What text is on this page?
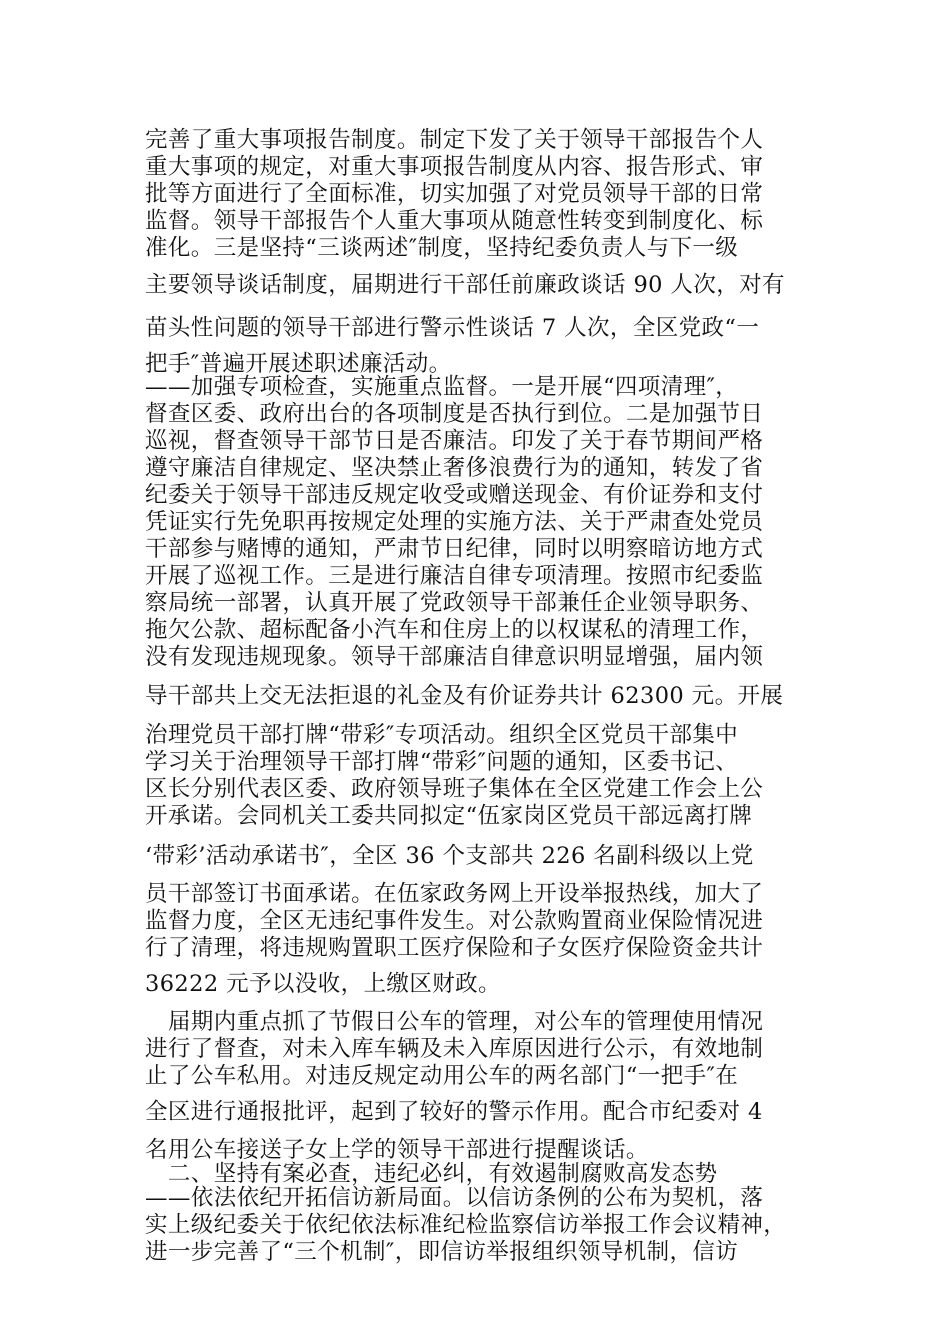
完善了重大事项报告制度。制定下发了关于领导干部报告个人
重大事项的规定，对重大事项报告制度从内容、报告形式、审
批等方面进行了全面标准，切实加强了对党员领导干部的日常
监督。领导干部报告个人重大事项从随意性转变到制度化、标
准化。三是坚持“三谈两述″制度，坚持纪委负责人与下一级
主要领导谈话制度，届期进行干部任前廉政谈话 90 人次，对有
苗头性问题的领导干部进行警示性谈话 7 人次，全区党政“一
把手″普遍开展述职述廉活动。
——加强专项检查，实施重点监督。一是开展“四项清理″，
督查区委、政府出台的各项制度是否执行到位。二是加强节日
巡视，督查领导干部节日是否廉洁。印发了关于春节期间严格
遵守廉洁自律规定、坚决禁止奢侈浪费行为的通知，转发了省
纪委关于领导干部违反规定收受或赠送现金、有价证券和支付
凭证实行先免职再按规定处理的实施方法、关于严肃查处党员
干部参与赌博的通知，严肃节日纪律，同时以明察暗访地方式
开展了巡视工作。三是进行廉洁自律专项清理。按照市纪委监
察局统一部署，认真开展了党政领导干部兼任企业领导职务、
拖欠公款、超标配备小汽车和住房上的以权谋私的清理工作，
没有发现违规现象。领导干部廉洁自律意识明显增强，届内领
导干部共上交无法拒退的礼金及有价证券共计 62300 元。开展
治理党员干部打牌“带彩″专项活动。组织全区党员干部集中
学习关于治理领导干部打牌“带彩″问题的通知，区委书记、
区长分别代表区委、政府领导班子集体在全区党建工作会上公
开承诺。会同机关工委共同拟定“伍家岗区党员干部远离打牌
‘带彩’活动承诺书″，全区 36 个支部共 226 名副科级以上党
员干部签订书面承诺。在伍家政务网上开设举报热线，加大了
监督力度，全区无违纪事件发生。对公款购置商业保险情况进
行了清理，将违规购置职工医疗保险和子女医疗保险资金共计
36222 元予以没收，上缴区财政。
　届期内重点抓了节假日公车的管理，对公车的管理使用情况
进行了督查，对未入库车辆及未入库原因进行公示，有效地制
止了公车私用。对违反规定动用公车的两名部门“一把手″在
全区进行通报批评，起到了较好的警示作用。配合市纪委对 4
名用公车接送子女上学的领导干部进行提醒谈话。
　二、坚持有案必查，违纪必纠，有效遏制腐败高发态势
——依法依纪开拓信访新局面。以信访条例的公布为契机，落
实上级纪委关于依纪依法标准纪检监察信访举报工作会议精神，
进一步完善了“三个机制″，即信访举报组织领导机制，信访
